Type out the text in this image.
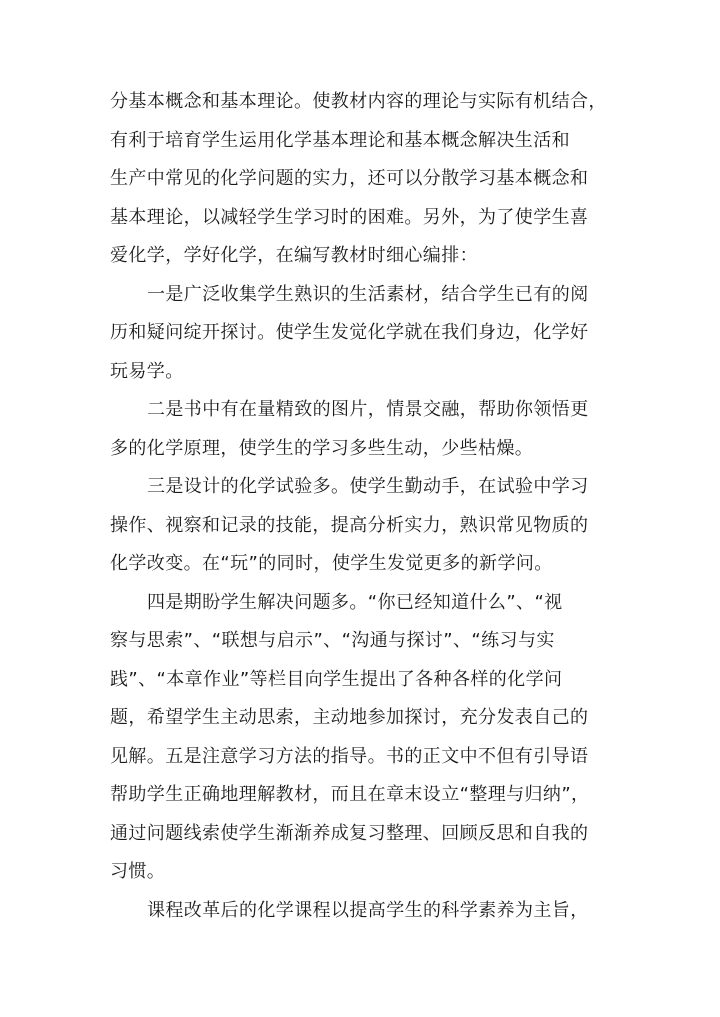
分基本概念和基本理论。使教材内容的理论与实际有机结合，
有利于培育学生运用化学基本理论和基本概念解决生活和
生产中常见的化学问题的实力，还可以分散学习基本概念和
基本理论，以减轻学生学习时的困难。另外，为了使学生喜
爱化学，学好化学，在编写教材时细心编排：
一是广泛收集学生熟识的生活素材，结合学生已有的阅
历和疑问绽开探讨。使学生发觉化学就在我们身边，化学好
玩易学。
二是书中有在量精致的图片，情景交融，帮助你领悟更
多的化学原理，使学生的学习多些生动，少些枯燥。
三是设计的化学试验多。使学生勤动手，在试验中学习
操作、视察和记录的技能，提高分析实力，熟识常见物质的
化学改变。在“玩”的同时，使学生发觉更多的新学问。
四是期盼学生解决问题多。“你已经知道什么”、“视
察与思索”、“联想与启示”、“沟通与探讨”、“练习与实
践”、“本章作业”等栏目向学生提出了各种各样的化学问
题，希望学生主动思索，主动地参加探讨，充分发表自己的
见解。五是注意学习方法的指导。书的正文中不但有引导语
帮助学生正确地理解教材，而且在章末设立“整理与归纳”，
通过问题线索使学生渐渐养成复习整理、回顾反思和自我的
习惯。
课程改革后的化学课程以提高学生的科学素养为主旨，
